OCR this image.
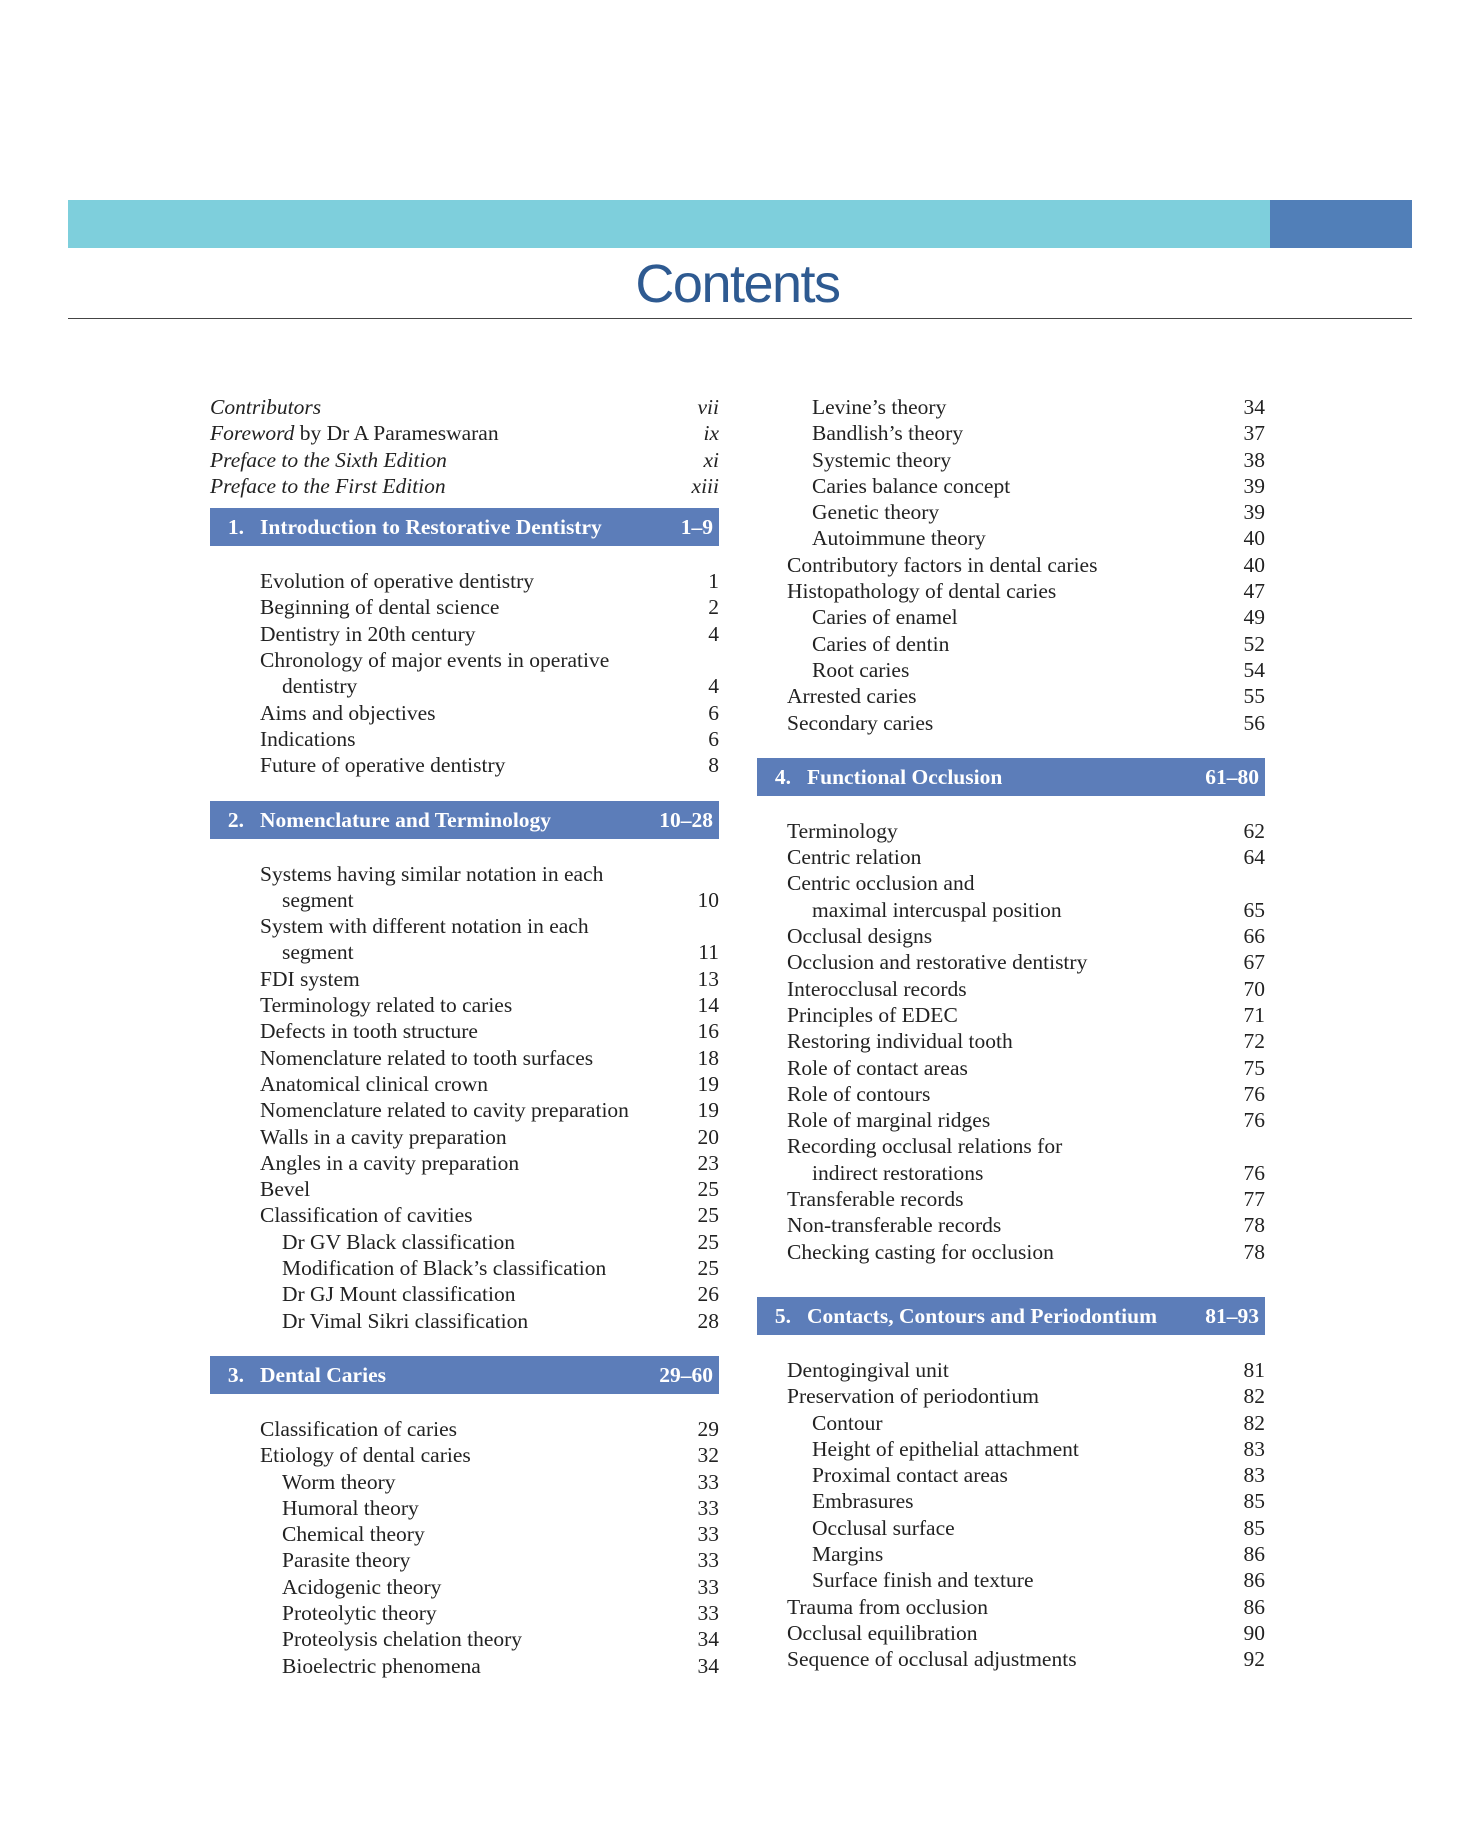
Contents
Contributors	vii
Foreword by Dr A Parameswaran	ix
Preface to the Sixth Edition	xi
Preface to the First Edition	xiii
1. Introduction to Restorative Dentistry	1–9
Evolution of operative dentistry	1
Beginning of dental science	2
Dentistry in 20th century	4
Chronology of major events in operative
dentistry	4
Aims and objectives	6
Indications	6
Future of operative dentistry	8
2. Nomenclature and Terminology	10–28
Systems having similar notation in each
segment	10
System with different notation in each
segment	11
FDI system	13
Terminology related to caries	14
Defects in tooth structure	16
Nomenclature related to tooth surfaces	18
Anatomical clinical crown	19
Nomenclature related to cavity preparation	19
Walls in a cavity preparation	20
Angles in a cavity preparation	23
Bevel	25
Classification of cavities	25
Dr GV Black classification	25
Modification of Black’s classification	25
Dr GJ Mount classification	26
Dr Vimal Sikri classification	28
3. Dental Caries	29–60
Classification of caries	29
Etiology of dental caries	32
Worm theory	33
Humoral theory	33
Chemical theory	33
Parasite theory	33
Acidogenic theory	33
Proteolytic theory	33
Proteolysis chelation theory	34
Bioelectric phenomena	34
Levine’s theory	34
Bandlish’s theory	37
Systemic theory	38
Caries balance concept	39
Genetic theory	39
Autoimmune theory	40
Contributory factors in dental caries	40
Histopathology of dental caries	47
Caries of enamel	49
Caries of dentin	52
Root caries	54
Arrested caries	55
Secondary caries	56
4. Functional Occlusion	61–80
Terminology	62
Centric relation	64
Centric occlusion and
maximal intercuspal position	65
Occlusal designs	66
Occlusion and restorative dentistry	67
Interocclusal records	70
Principles of EDEC	71
Restoring individual tooth	72
Role of contact areas	75
Role of contours	76
Role of marginal ridges	76
Recording occlusal relations for
indirect restorations	76
Transferable records	77
Non-transferable records	78
Checking casting for occlusion	78
5. Contacts, Contours and Periodontium 81–93
Dentogingival unit	81
Preservation of periodontium	82
Contour	82
Height of epithelial attachment	83
Proximal contact areas	83
Embrasures	85
Occlusal surface	85
Margins	86
Surface finish and texture	86
Trauma from occlusion	86
Occlusal equilibration	90
Sequence of occlusal adjustments	92
